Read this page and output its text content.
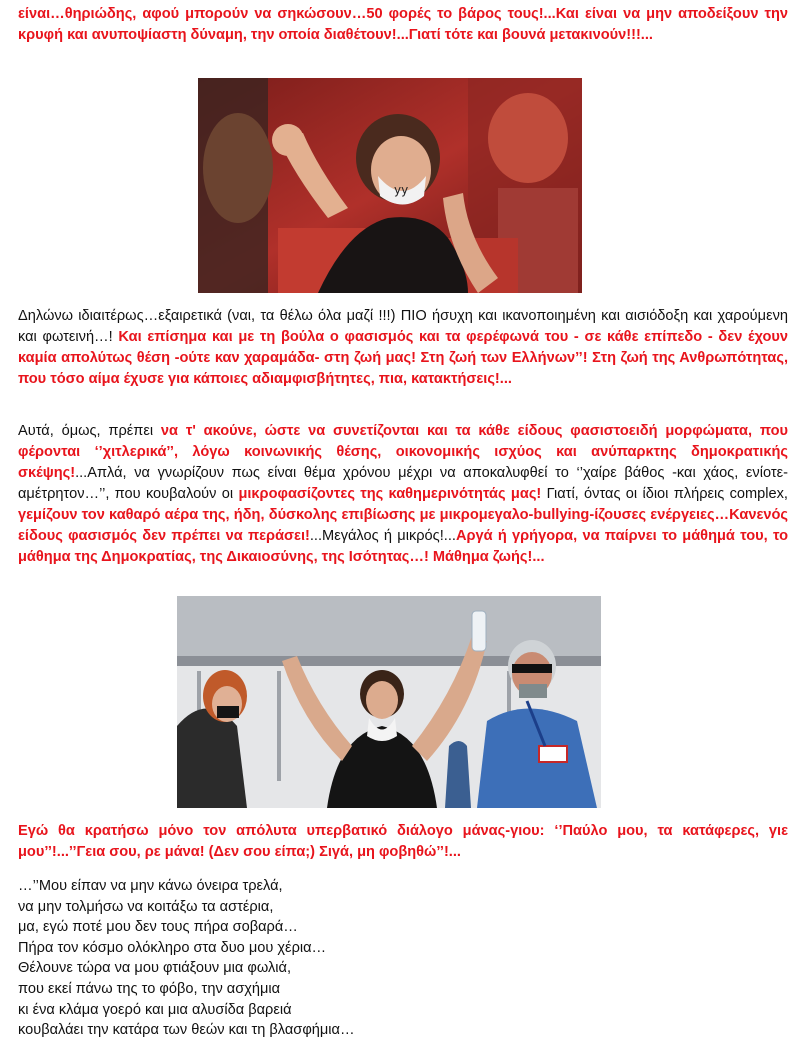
είναι…θηριώδης, αφού μπορούν να σηκώσουν…50 φορές το βάρος τους!...Και είναι να μην αποδείξουν την κρυφή και ανυποψίαστη δύναμη, την οποία διαθέτουν!...Γιατί τότε και βουνά μετακινούν!!!...

Δηλώνω ιδιαιτέρως…εξαιρετικά (ναι, τα θέλω όλα μαζί !!!) ΠΙΟ ήσυχη και ικανοποιημένη και αισιόδοξη και χαρούμενη και φωτεινή…! Και επίσημα και με τη βούλα ο φασισμός και τα φερέφωνά του - σε κάθε επίπεδο - δεν έχουν καμία απολύτως θέση -ούτε καν χαραμάδα- στη ζωή μας! Στη ζωή των Ελλήνων’’! Στη ζωή της Ανθρωπότητας, που τόσο αίμα έχυσε για κάποιες αδιαμφισβήτητες, πια, κατακτήσεις!...

Αυτά, όμως, πρέπει να τ' ακούνε, ώστε να συνετίζονται και τα κάθε είδους φασιστοειδή μορφώματα, που φέρονται ‘’χιτλερικά’’, λόγω κοινωνικής θέσης, οικονομικής ισχύος και ανύπαρκτης δημοκρατικής σκέψης!...Απλά, να γνωρίζουν πως είναι θέμα χρόνου μέχρι να αποκαλυφθεί το ‘’χαίρε βάθος -και χάος, ενίοτε- αμέτρητον…’’, που κουβαλούν οι μικροφασίζοντες της καθημερινότητάς μας! Γιατί, όντας οι ίδιοι πλήρεις complex, γεμίζουν τον καθαρό αέρα της, ήδη, δύσκολης επιβίωσης με μικρομεγαλο-bullying-ίζουσες ενέργειες…Κανενός είδους φασισμός δεν πρέπει να περάσει!...Μεγάλος ή μικρός!...Αργά ή γρήγορα, να παίρνει το μάθημά του, το μάθημα της Δημοκρατίας, της Δικαιοσύνης, της Ισότητας…! Μάθημα ζωής!...

Εγώ θα κρατήσω μόνο τον απόλυτα υπερβατικό διάλογο μάνας-γιου: ‘’Παύλο μου, τα κατάφερες, γιε μου’’!...’’Γεια σου, ρε μάνα! (Δεν σου είπα;) Σιγά, μη φοβηθώ’’!...

…’’Μου είπαν να μην κάνω όνειρα τρελά,
να μην τολμήσω να κοιτάξω τα αστέρια,
μα, εγώ ποτέ μου δεν τους πήρα σοβαρά…
Πήρα τον κόσμο ολόκληρο στα δυο μου χέρια…
Θέλουνε τώρα να μου φτιάξουν μια φωλιά,
που εκεί πάνω της το φόβο, την ασχήμια
κι ένα κλάμα γοερό και μια αλυσίδα βαρειά
κουβαλάει την κατάρα των θεών και τη βλασφήμια…
yy
